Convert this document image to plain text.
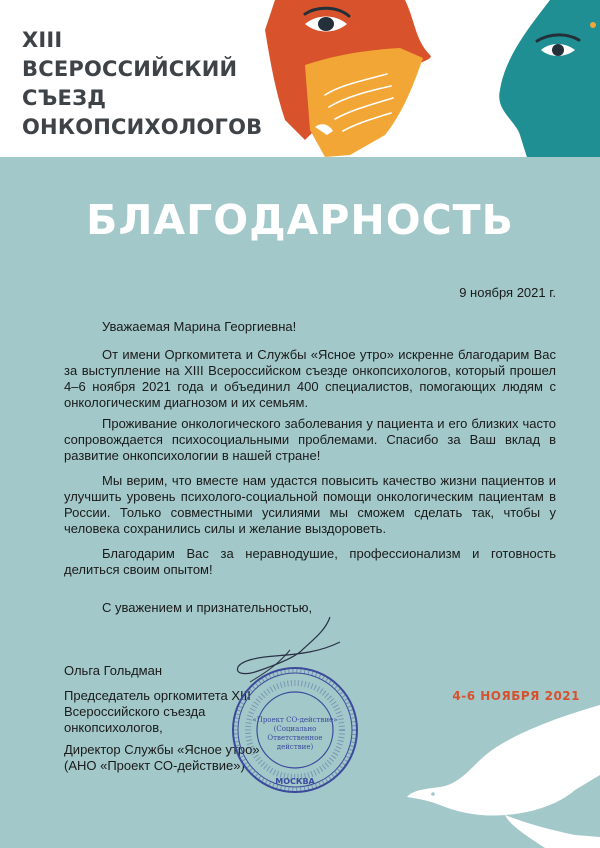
XIII
ВСЕРОССИЙСКИЙ
СЪЕЗД
ОНКОПСИХОЛОГОВ
БЛАГОДАРНОСТЬ
9 ноября 2021 г.
Уважаемая Марина Георгиевна!

От имени Оргкомитета и Службы «Ясное утро» искренне благодарим Вас за выступление на XIII Всероссийском съезде онкопсихологов, который прошел 4–6 ноября 2021 года и объединил 400 специалистов, помогающих людям с онкологическим диагнозом и их семьям.

Проживание онкологического заболевания у пациента и его близких часто сопровождается психосоциальными проблемами. Спасибо за Ваш вклад в развитие онкопсихологии в нашей стране!

Мы верим, что вместе нам удастся повысить качество жизни пациентов и улучшить уровень психолого-социальной помощи онкологическим пациентам в России. Только совместными усилиями мы сможем сделать так, чтобы у человека сохранились силы и желание выздороветь.

Благодарим Вас за неравнодушие, профессионализм и готовность делиться своим опытом!

С уважением и признательностью,
Ольга Гольдман
Председатель оргкомитета XIII Всероссийского съезда онкопсихологов,
Директор Службы «Ясное утро» (АНО «Проект СО-действие»)
«Проект СО-действие»
(Социально
Ответственное
действие)
МОСКВА
4-6 НОЯБРЯ 2021
